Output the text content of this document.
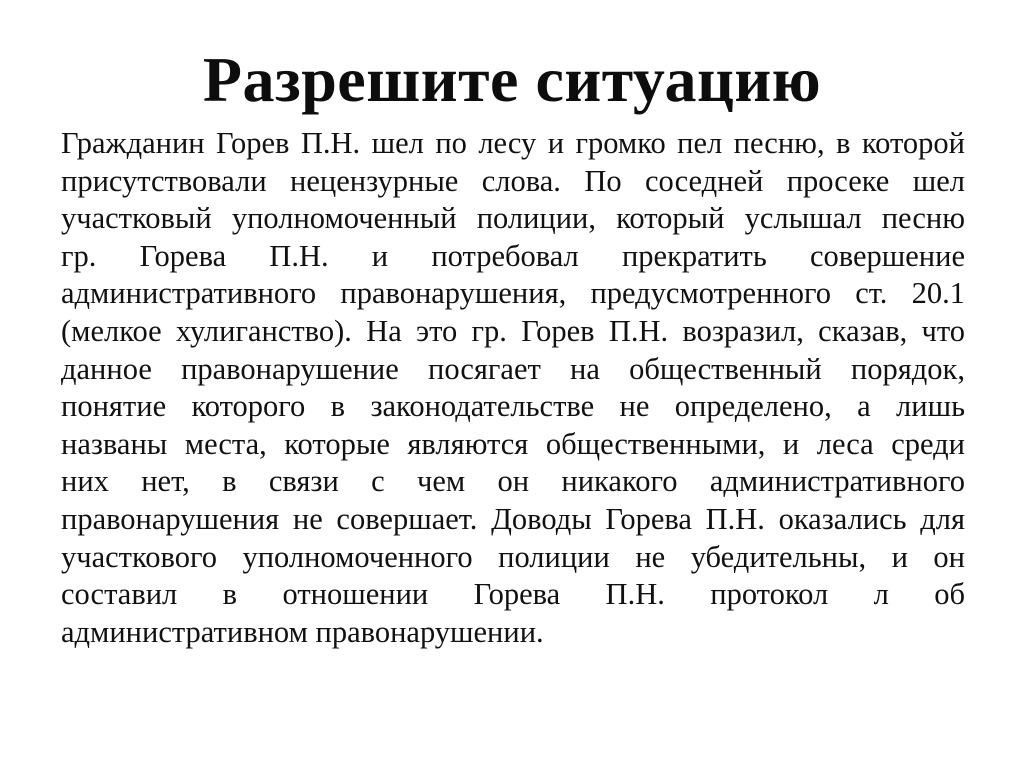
Разрешите ситуацию
Гражданин Горев П.Н. шел по лесу и громко пел песню, в которой
присутствовали нецензурные слова. По соседней просеке шел
участковый уполномоченный полиции, который услышал песню
гр. Горева П.Н. и потребовал прекратить совершение
административного правонарушения, предусмотренного ст. 20.1
(мелкое хулиганство). На это гр. Горев П.Н. возразил, сказав, что
данное правонарушение посягает на общественный порядок,
понятие которого в законодательстве не определено, а лишь
названы места, которые являются общественными, и леса среди
них нет, в связи с чем он никакого административного
правонарушения не совершает. Доводы Горева П.Н. оказались для
участкового уполномоченного полиции не убедительны, и он
составил в отношении Горева П.Н. протокол л об
административном правонарушении.
